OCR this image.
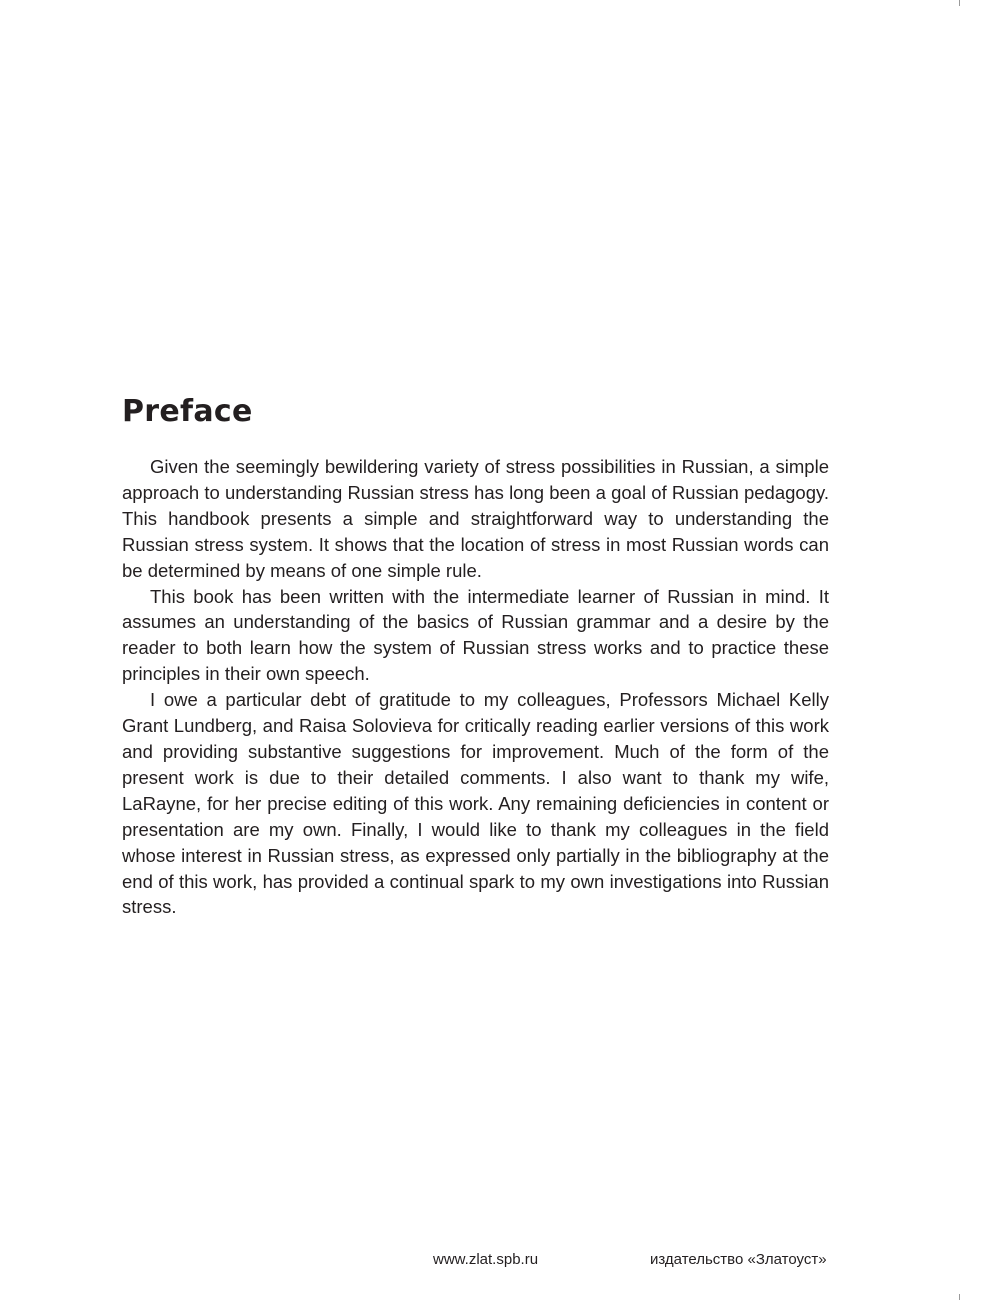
Preface

Given the seemingly bewildering variety of stress possibilities in Russian, a simple approach to understanding Russian stress has long been a goal of Russian pedagogy. This handbook presents a simple and straightforward way to understanding the Russian stress system. It shows that the location of stress in most Russian words can be determined by means of one simple rule.

This book has been written with the intermediate learner of Russian in mind. It assumes an understanding of the basics of Russian grammar and a desire by the reader to both learn how the system of Russian stress works and to practice these principles in their own speech.

I owe a particular debt of gratitude to my colleagues, Professors Michael Kelly Grant Lundberg, and Raisa Solovieva for critically reading earlier versions of this work and providing substantive suggestions for improvement. Much of the form of the present work is due to their detailed comments. I also want to thank my wife, LaRayne, for her precise editing of this work. Any remaining deficiencies in content or presentation are my own. Finally, I would like to thank my colleagues in the field whose interest in Russian stress, as expressed only partially in the bibliography at the end of this work, has provided a continual spark to my own investigations into Russian stress.

www.zlat.spb.ru	издательство «Златоуст»
